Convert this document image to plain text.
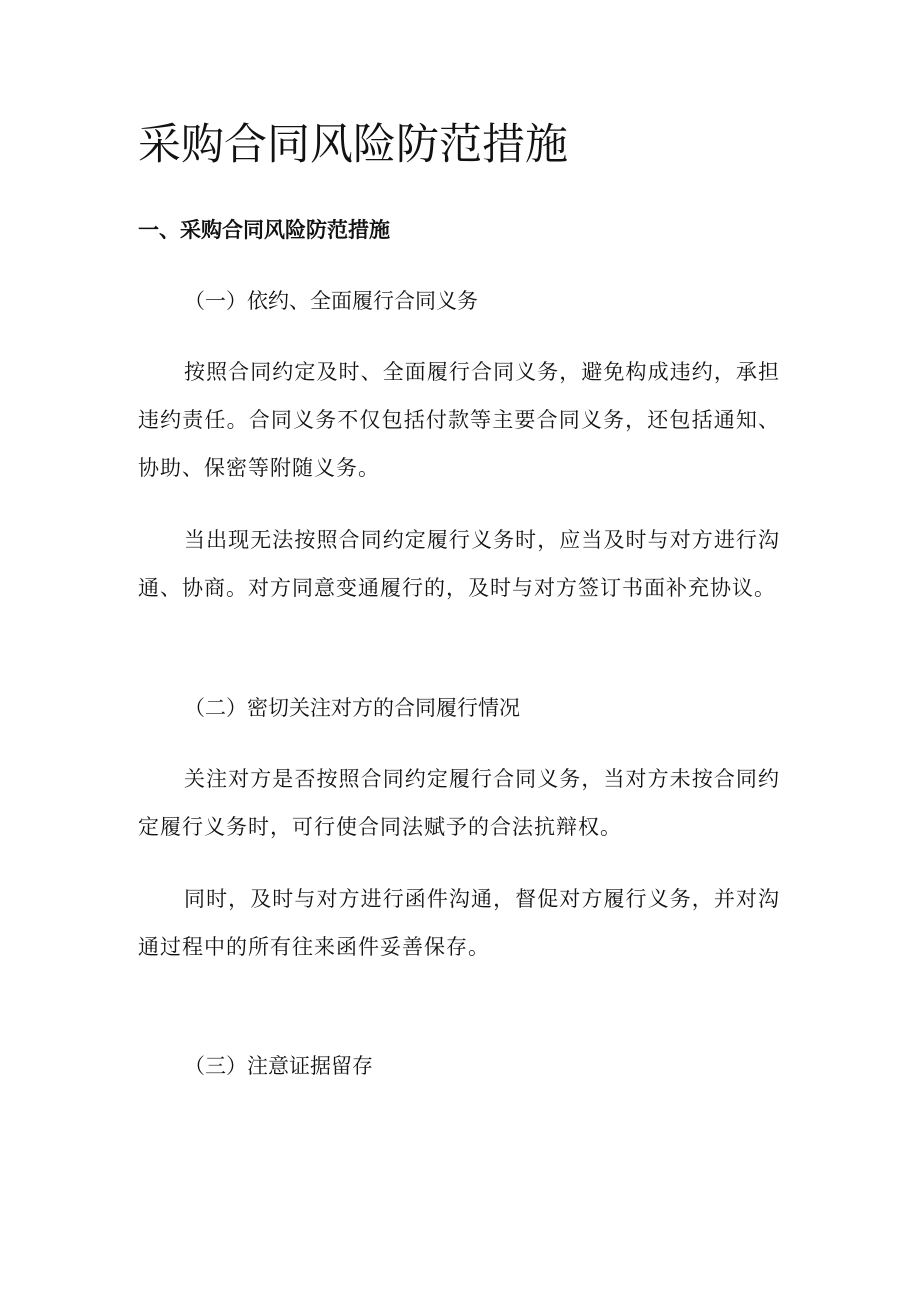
采购合同风险防范措施
一、采购合同风险防范措施

（一）依约、全面履行合同义务

按照合同约定及时、全面履行合同义务，避免构成违约，承担违约责任。合同义务不仅包括付款等主要合同义务，还包括通知、协助、保密等附随义务。

当出现无法按照合同约定履行义务时，应当及时与对方进行沟通、协商。对方同意变通履行的，及时与对方签订书面补充协议。

（二）密切关注对方的合同履行情况

关注对方是否按照合同约定履行合同义务，当对方未按合同约定履行义务时，可行使合同法赋予的合法抗辩权。

同时，及时与对方进行函件沟通，督促对方履行义务，并对沟通过程中的所有往来函件妥善保存。

（三）注意证据留存
